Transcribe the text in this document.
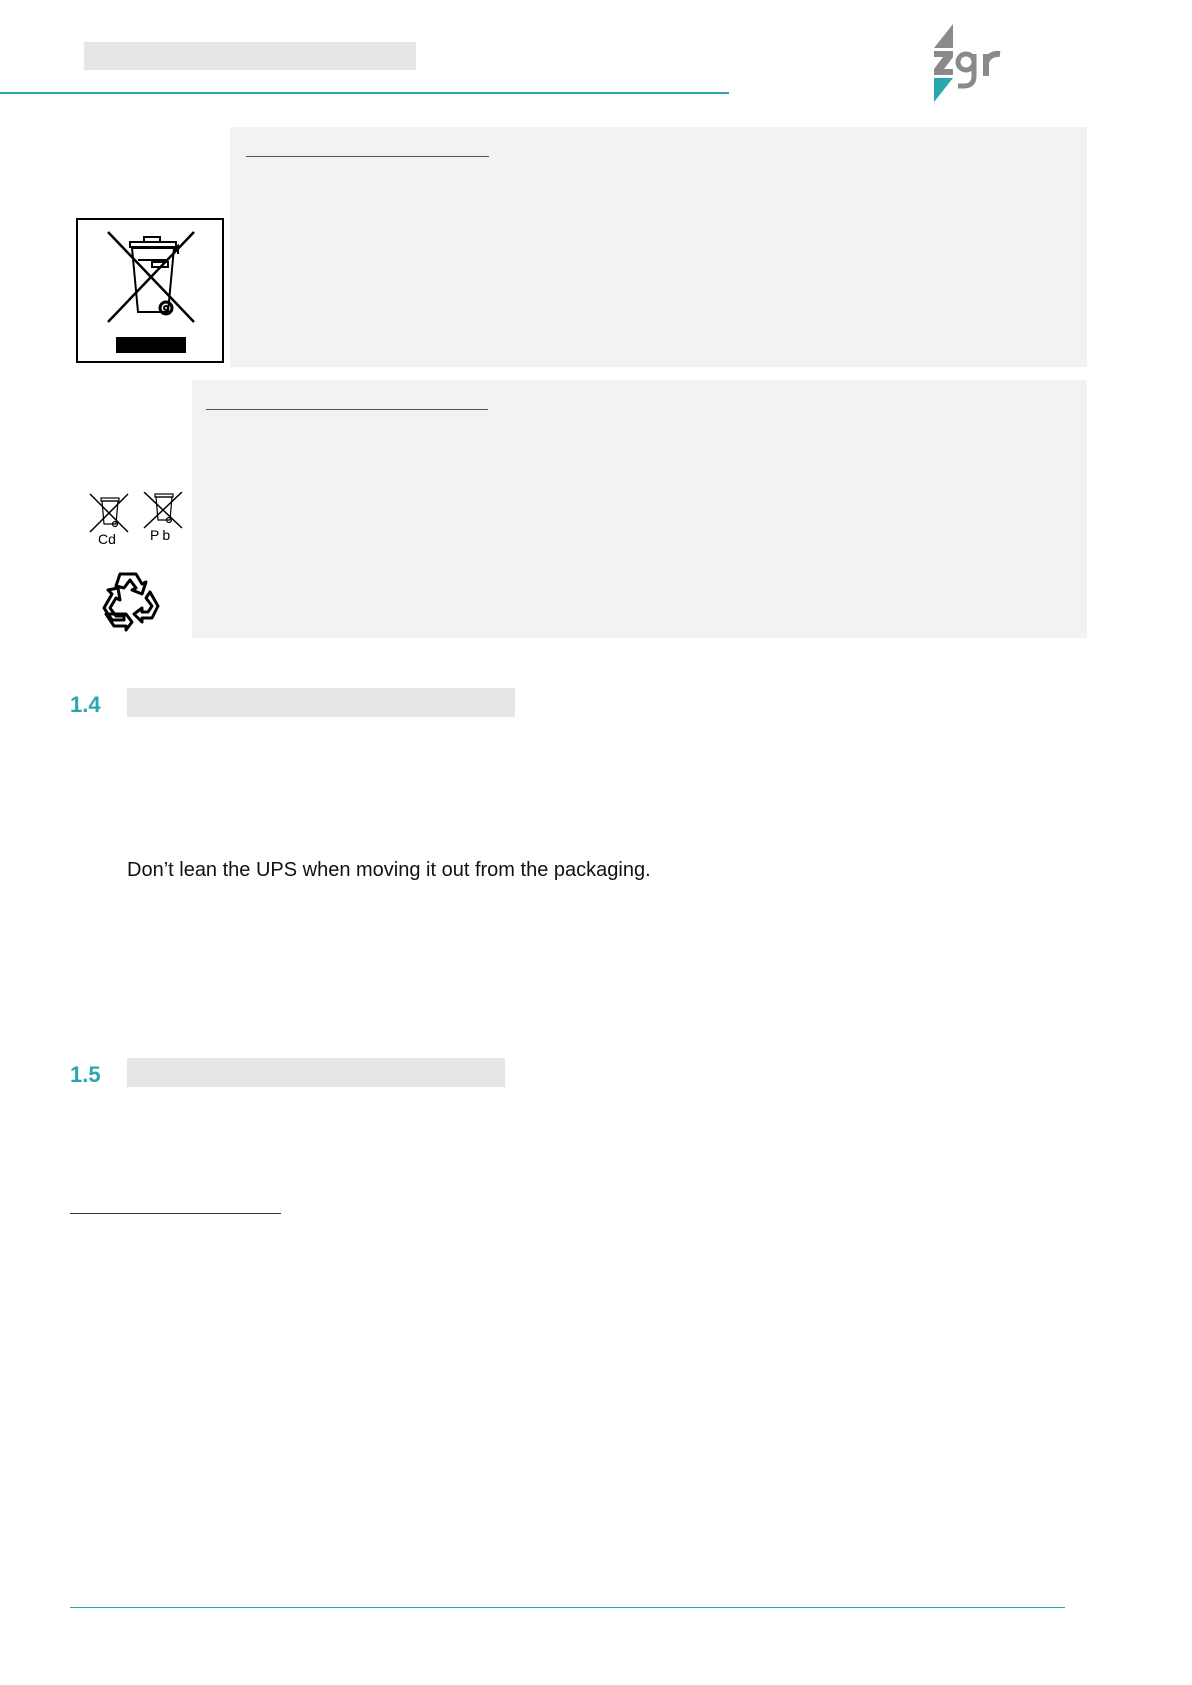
Cd Pb
1.4
Don’t lean the UPS when moving it out from the packaging.
1.5
